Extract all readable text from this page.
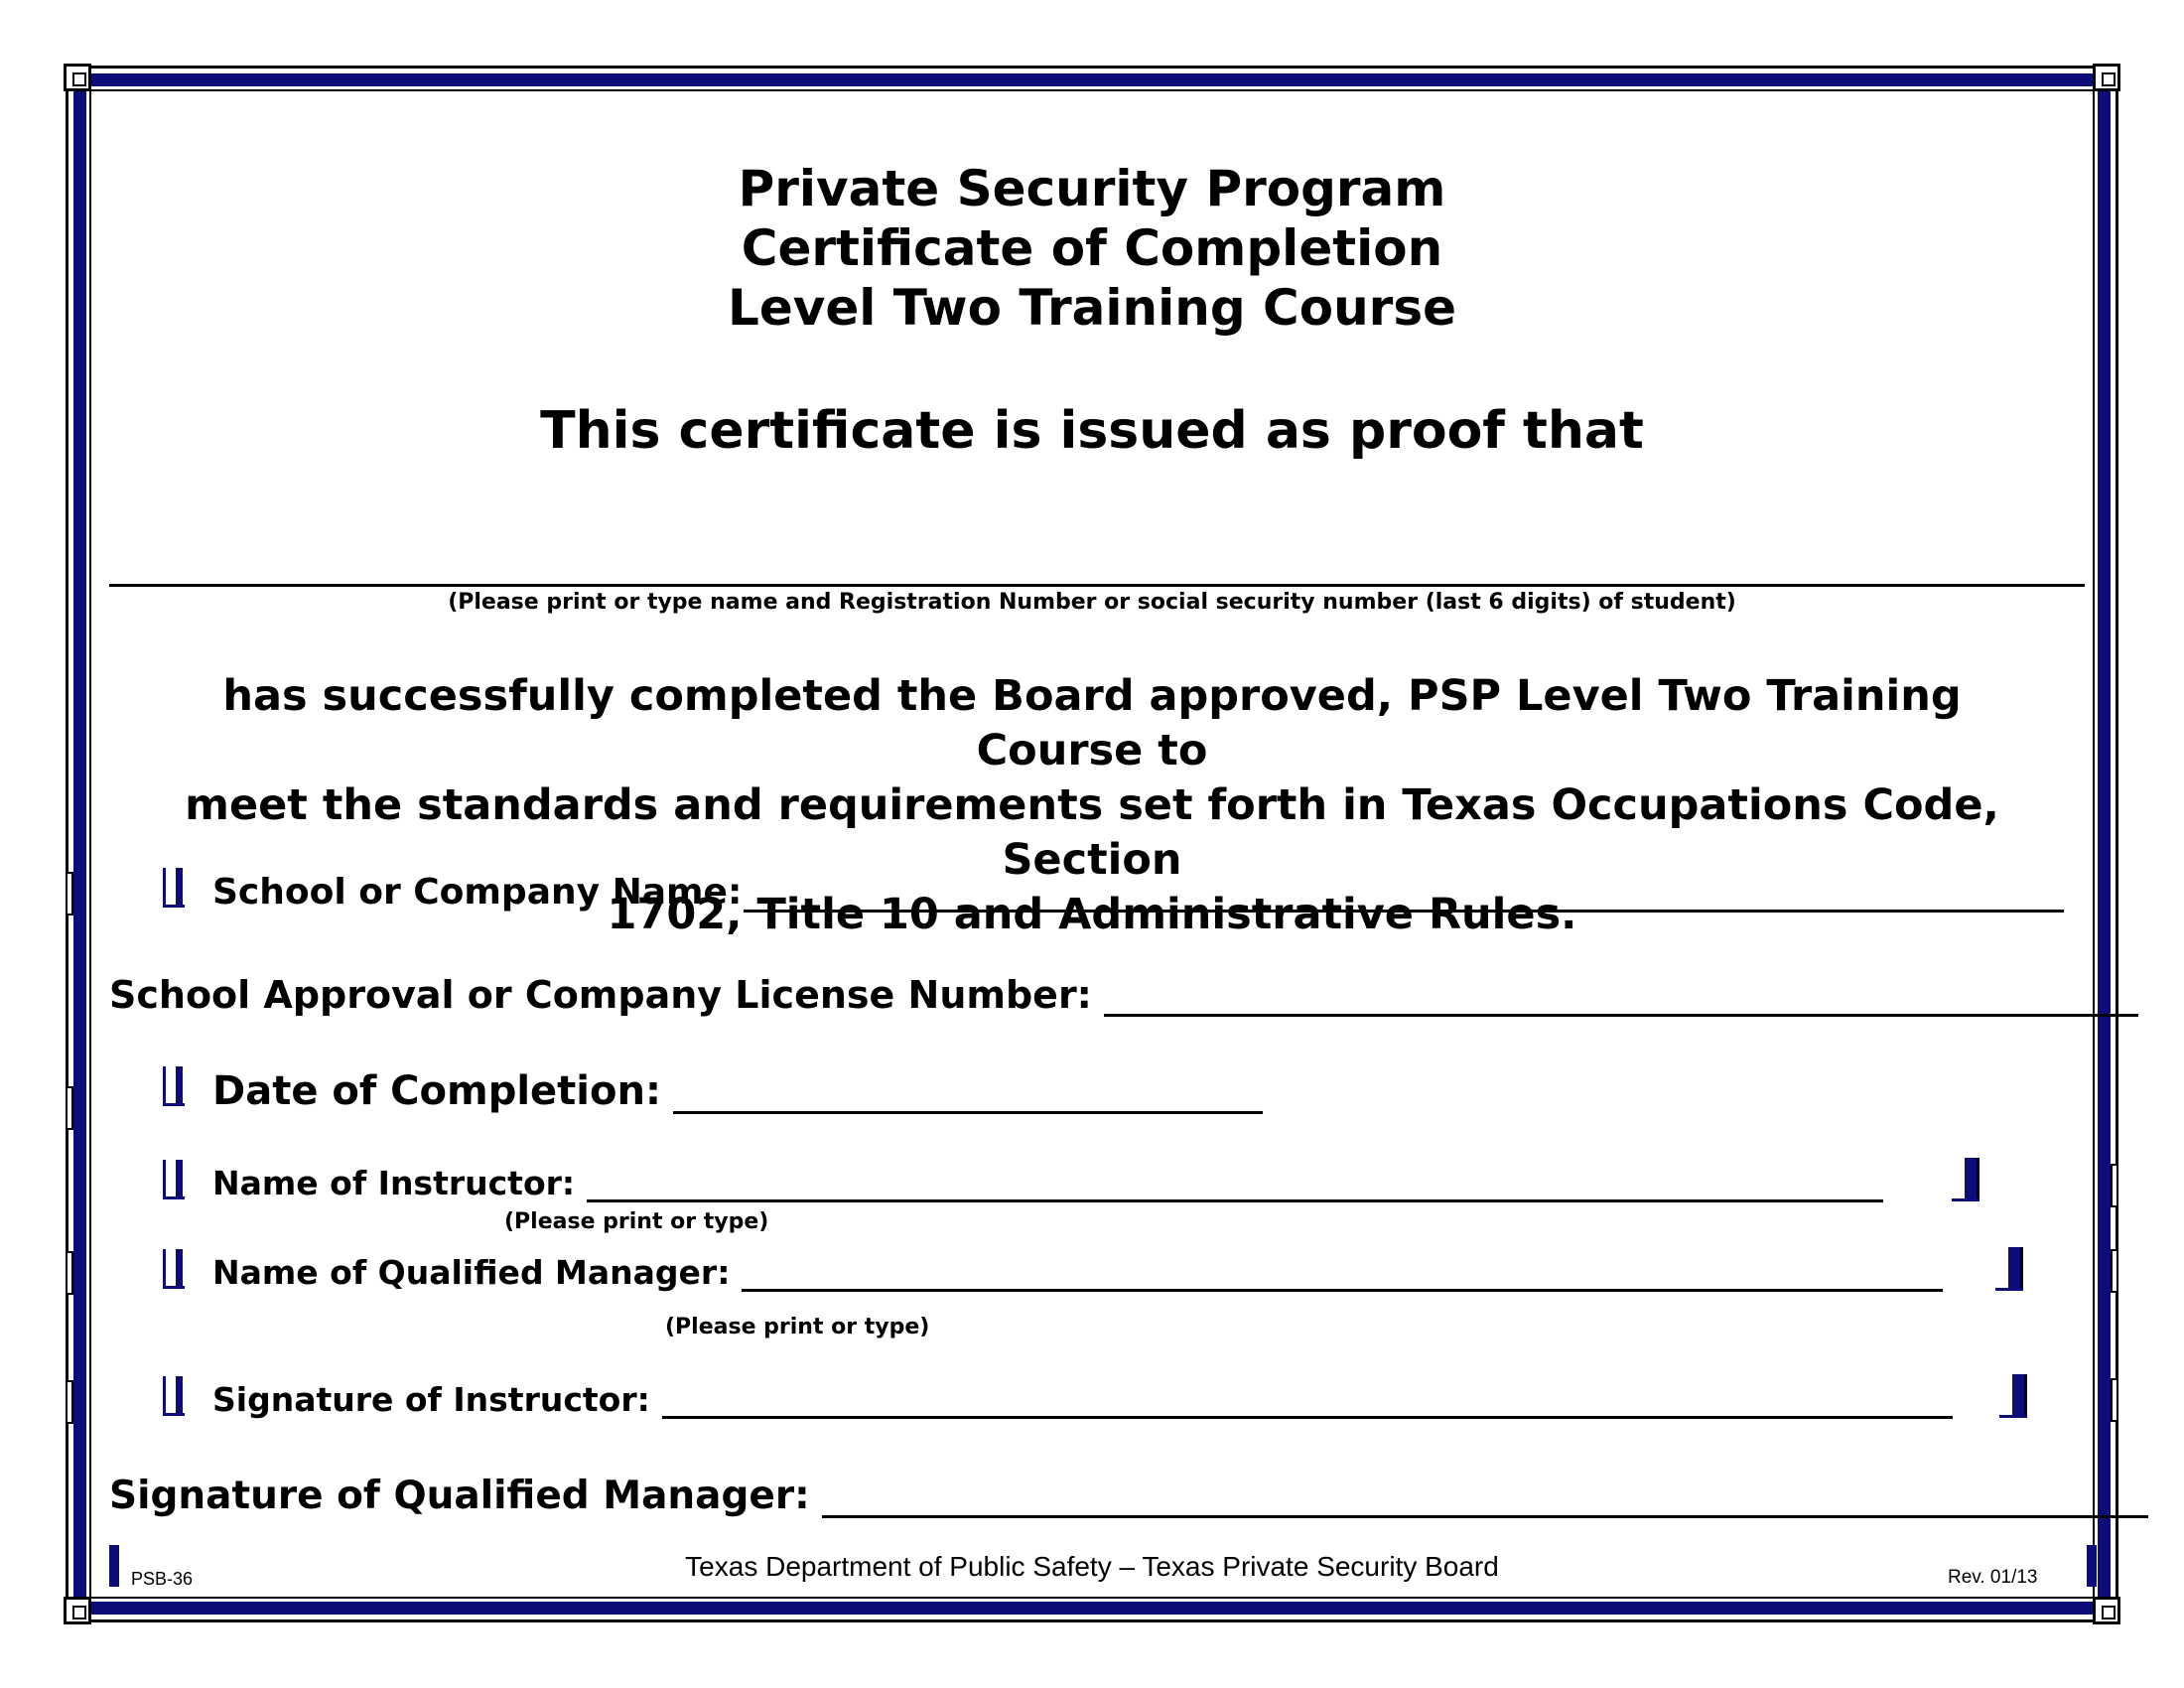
Private Security Program
Certificate of Completion
Level Two Training Course
This certificate is issued as proof that
(Please print or type name and Registration Number or social security number (last 6 digits) of student)
has successfully completed the Board approved, PSP Level Two Training Course to
meet the standards and requirements set forth in Texas Occupations Code, Section
1702, Title 10 and Administrative Rules.
School or Company Name:
School Approval or Company License Number:
Date of Completion:
Name of Instructor:
(Please print or type)
Name of Qualified Manager:
(Please print or type)
Signature of Instructor:
Signature of Qualified Manager:
PSB-36	Texas Department of Public Safety – Texas Private Security Board	Rev. 01/13
